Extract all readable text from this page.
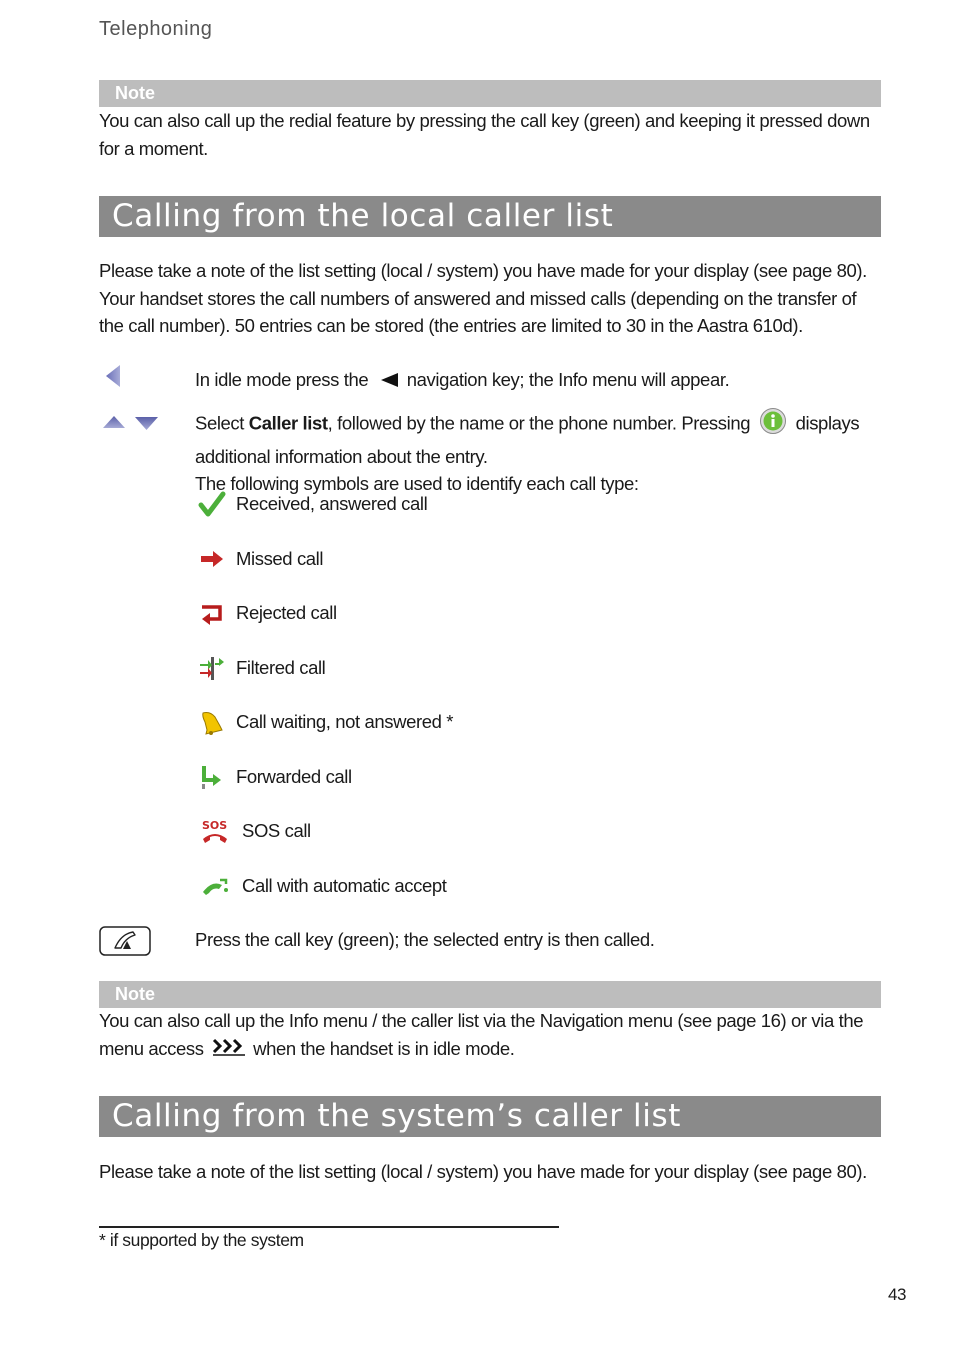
Telephoning
Note
You can also call up the redial feature by pressing the call key (green) and keeping it pressed down
for a moment.
Calling from the local caller list
Please take a note of the list setting (local / system) you have made for your display (see page 80).
Your handset stores the call numbers of answered and missed calls (depending on the transfer of
the call number). 50 entries can be stored (the entries are limited to 30 in the Aastra 610d).
In idle mode press the navigation key; the Info menu will appear.
Select Caller list, followed by the name or the phone number. Pressing displays
additional information about the entry.
The following symbols are used to identify each call type:
Received, answered call
Missed call
Rejected call
Filtered call
Call waiting, not answered *
Forwarded call
SOS SOS call
Call with automatic accept
Press the call key (green); the selected entry is then called.
Note
You can also call up the Info menu / the caller list via the Navigation menu (see page 16) or via the
menu access	when the handset is in idle mode.
Calling from the system’s caller list
Please take a note of the list setting (local / system) you have made for your display (see page 80).
* if supported by the system
43
